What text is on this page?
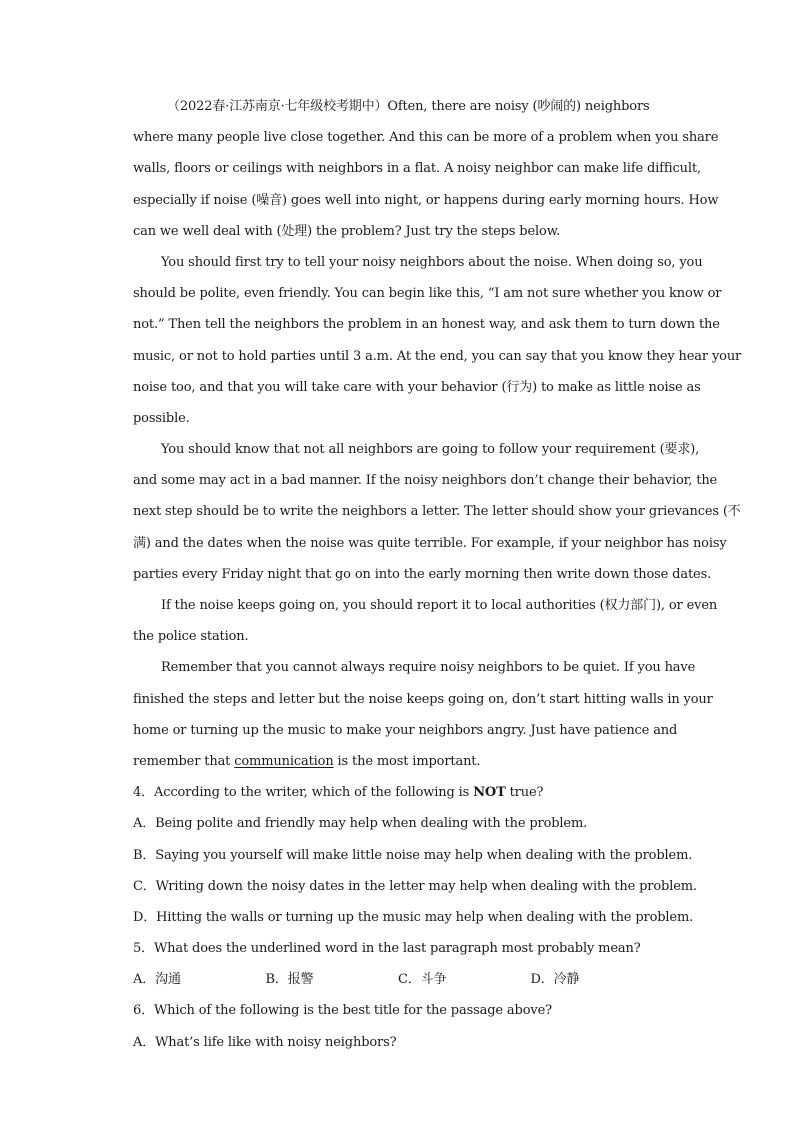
（2022春·江苏南京·七年级校考期中）Often, there are noisy (吵闹的) neighbors
where many people live close together. And this can be more of a problem when you share
walls, floors or ceilings with neighbors in a flat. A noisy neighbor can make life difficult,
especially if noise (噪音) goes well into night, or happens during early morning hours. How
can we well deal with (处理) the problem? Just try the steps below.
You should first try to tell your noisy neighbors about the noise. When doing so, you
should be polite, even friendly. You can begin like this, “I am not sure whether you know or
not.” Then tell the neighbors the problem in an honest way, and ask them to turn down the
music, or not to hold parties until 3 a.m. At the end, you can say that you know they hear your
noise too, and that you will take care with your behavior (行为) to make as little noise as
possible.
You should know that not all neighbors are going to follow your requirement (要求),
and some may act in a bad manner. If the noisy neighbors don’t change their behavior, the
next step should be to write the neighbors a letter. The letter should show your grievances (不
满) and the dates when the noise was quite terrible. For example, if your neighbor has noisy
parties every Friday night that go on into the early morning then write down those dates.
If the noise keeps going on, you should report it to local authorities (权力部门), or even
the police station.
Remember that you cannot always require noisy neighbors to be quiet. If you have
finished the steps and letter but the noise keeps going on, don’t start hitting walls in your
home or turning up the music to make your neighbors angry. Just have patience and
remember that communication is the most important.
4．According to the writer, which of the following is NOT true?
A．Being polite and friendly may help when dealing with the problem.
B．Saying you yourself will make little noise may help when dealing with the problem.
C．Writing down the noisy dates in the letter may help when dealing with the problem.
D．Hitting the walls or turning up the music may help when dealing with the problem.
5．What does the underlined word in the last paragraph most probably mean?
A．沟通	B．报警	C．斗争	D．冷静
6．Which of the following is the best title for the passage above?
A．What’s life like with noisy neighbors?
